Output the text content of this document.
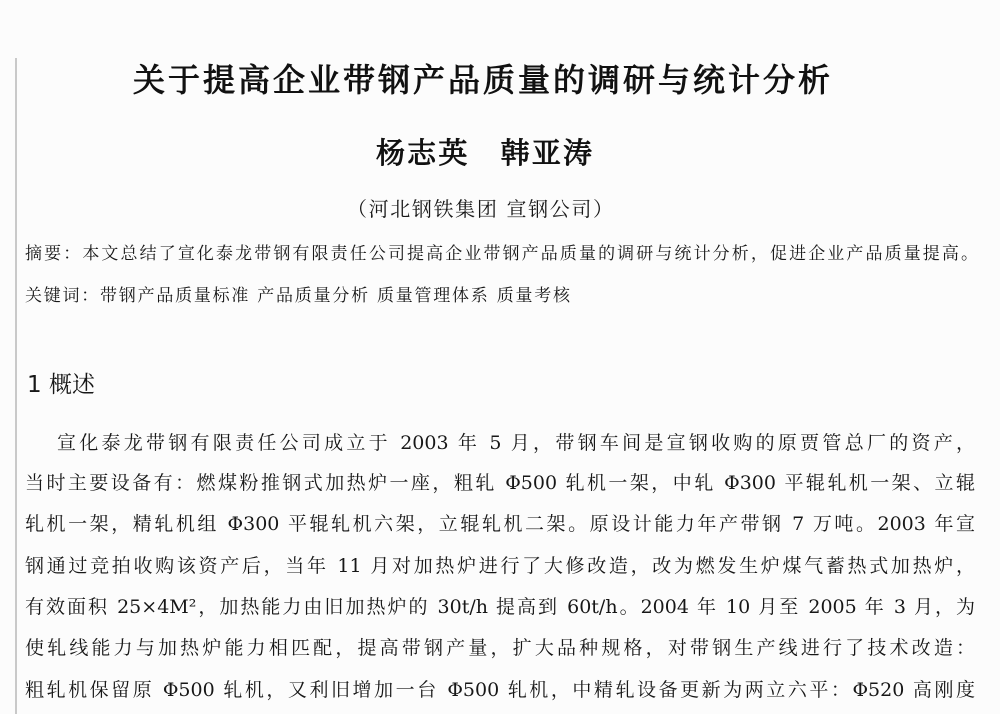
关于提高企业带钢产品质量的调研与统计分析
杨志英　韩亚涛
（河北钢铁集团 宣钢公司）
摘要：本文总结了宣化泰龙带钢有限责任公司提高企业带钢产品质量的调研与统计分析，促进企业产品质量提高。
关键词：带钢产品质量标准 产品质量分析 质量管理体系 质量考核
1 概述
宣化泰龙带钢有限责任公司成立于 2003 年 5 月，带钢车间是宣钢收购的原贾管总厂的资产，
当时主要设备有：燃煤粉推钢式加热炉一座，粗轧 Φ500 轧机一架，中轧 Φ300 平辊轧机一架、立辊
轧机一架，精轧机组 Φ300 平辊轧机六架，立辊轧机二架。原设计能力年产带钢 7 万吨。2003 年宣
钢通过竞拍收购该资产后，当年 11 月对加热炉进行了大修改造，改为燃发生炉煤气蓄热式加热炉，
有效面积 25×4M²，加热能力由旧加热炉的 30t/h 提高到 60t/h。2004 年 10 月至 2005 年 3 月，为
使轧线能力与加热炉能力相匹配，提高带钢产量，扩大品种规格，对带钢生产线进行了技术改造：
粗轧机保留原 Φ500 轧机，又利旧增加一台 Φ500 轧机，中精轧设备更新为两立六平：Φ520 高刚度
